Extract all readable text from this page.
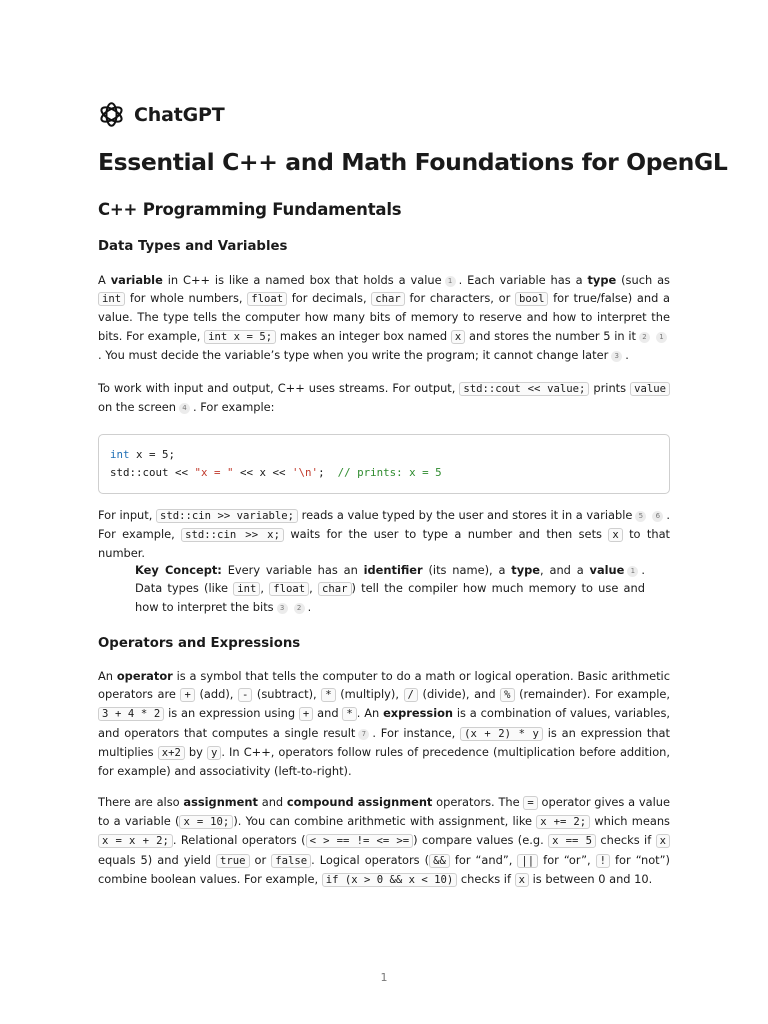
ChatGPT
Essential C++ and Math Foundations for OpenGL
C++ Programming Fundamentals
Data Types and Variables

A variable in C++ is like a named box that holds a value 1 . Each variable has a type (such as int for whole numbers, float for decimals, char for characters, or bool for true/false) and a value. The type tells the computer how many bits of memory to reserve and how to interpret the bits. For example, int x = 5; makes an integer box named x and stores the number 5 in it 2 1. You must decide the variable’s type when you write the program; it cannot change later 3 .

To work with input and output, C++ uses streams. For output, std::cout << value; prints value on the screen 4 . For example:

int x = 5;
std::cout << "x = " << x << '\n';  // prints: x = 5

For input, std::cin >> variable; reads a value typed by the user and stores it in a variable 5 6 . For example, std::cin >> x; waits for the user to type a number and then sets x to that number.

Key Concept: Every variable has an identifier (its name), a type, and a value 1 . Data types (like int , float , char ) tell the compiler how much memory to use and how to interpret the bits 3 2 .

Operators and Expressions

An operator is a symbol that tells the computer to do a math or logical operation. Basic arithmetic operators are + (add), - (subtract), * (multiply), / (divide), and % (remainder). For example, 3 + 4 * 2 is an expression using + and * . An expression is a combination of values, variables, and operators that computes a single result 7 . For instance, (x + 2) * y is an expression that multiplies x+2 by y . In C++, operators follow rules of precedence (multiplication before addition, for example) and associativity (left-to-right).

There are also assignment and compound assignment operators. The = operator gives a value to a variable ( x = 10; ). You can combine arithmetic with assignment, like x += 2; which means x = x + 2; . Relational operators ( < > == != <= >= ) compare values (e.g. x == 5 checks if x equals 5) and yield true or false . Logical operators ( && for “and”, || for “or”, ! for “not”) combine boolean values. For example, if (x > 0 && x < 10) checks if x is between 0 and 10.

1
